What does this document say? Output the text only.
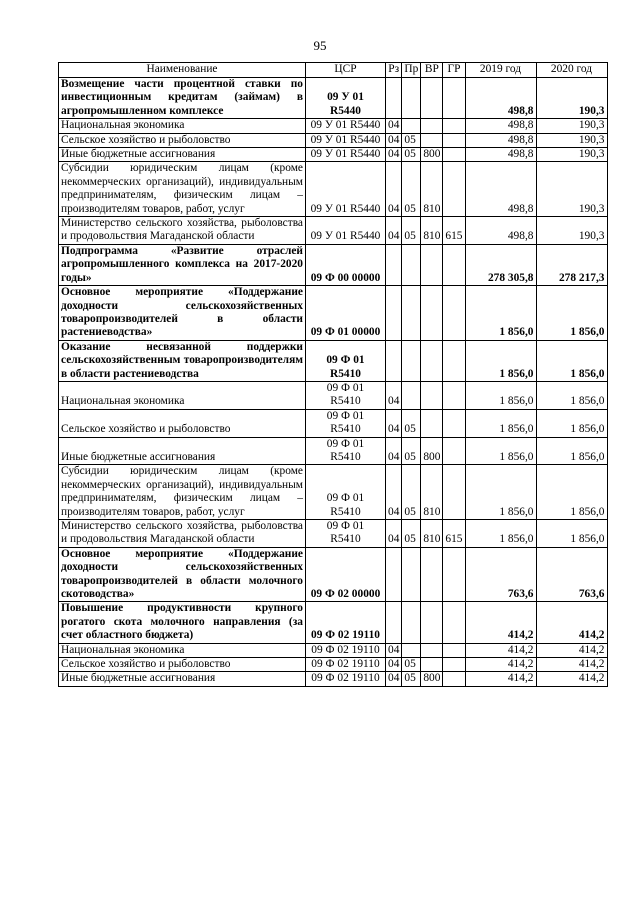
95
Наименование	ЦСР	Рз	Пр	ВР	ГР	2019 год	2020 год
Возмещение части процентной ставки по инвестиционным кредитам (займам) в агропромышленном комплексе	09 У 01 R5440					498,8	190,3
Национальная экономика	09 У 01 R5440	04				498,8	190,3
Сельское хозяйство и рыболовство	09 У 01 R5440	04	05			498,8	190,3
Иные бюджетные ассигнования	09 У 01 R5440	04	05	800		498,8	190,3
Субсидии юридическим лицам (кроме некоммерческих организаций), индивидуальным предпринимателям, физическим лицам – производителям товаров, работ, услуг	09 У 01 R5440	04	05	810		498,8	190,3
Министерство сельского хозяйства, рыболовства и продовольствия Магаданской области	09 У 01 R5440	04	05	810	615	498,8	190,3
Подпрограмма «Развитие отраслей агропромышленного комплекса на 2017-2020 годы»	09 Ф 00 00000					278 305,8	278 217,3
Основное мероприятие «Поддержание доходности сельскохозяйственных товаропроизводителей в области растениеводства»	09 Ф 01 00000					1 856,0	1 856,0
Оказание несвязанной поддержки сельскохозяйственным товаропроизводителям в области растениеводства	09 Ф 01 R5410					1 856,0	1 856,0
Национальная экономика	09 Ф 01 R5410	04				1 856,0	1 856,0
Сельское хозяйство и рыболовство	09 Ф 01 R5410	04	05			1 856,0	1 856,0
Иные бюджетные ассигнования	09 Ф 01 R5410	04	05	800		1 856,0	1 856,0
Субсидии юридическим лицам (кроме некоммерческих организаций), индивидуальным предпринимателям, физическим лицам – производителям товаров, работ, услуг	09 Ф 01 R5410	04	05	810		1 856,0	1 856,0
Министерство сельского хозяйства, рыболовства и продовольствия Магаданской области	09 Ф 01 R5410	04	05	810	615	1 856,0	1 856,0
Основное мероприятие «Поддержание доходности сельскохозяйственных товаропроизводителей в области молочного скотоводства»	09 Ф 02 00000					763,6	763,6
Повышение продуктивности крупного рогатого скота молочного направления (за счет областного бюджета)	09 Ф 02 19110					414,2	414,2
Национальная экономика	09 Ф 02 19110	04				414,2	414,2
Сельское хозяйство и рыболовство	09 Ф 02 19110	04	05			414,2	414,2
Иные бюджетные ассигнования	09 Ф 02 19110	04	05	800		414,2	414,2
